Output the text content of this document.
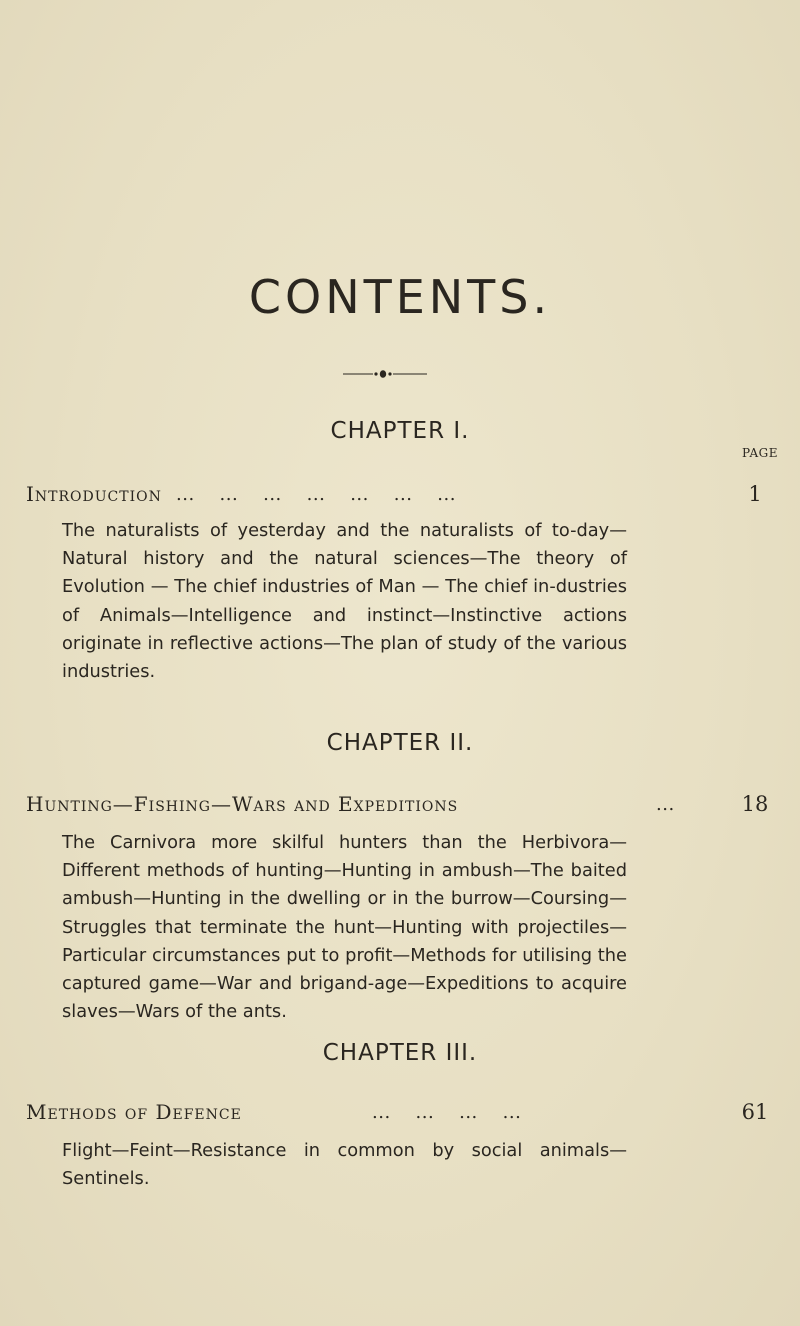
CONTENTS.
CHAPTER I.
PAGE
Introduction ...    ...    ...    ...    ...    ...    ...	1

The naturalists of yesterday and the naturalists of to-day—Natural history and the natural sciences—The theory of Evolution — The chief industries of Man — The chief in-dustries of Animals—Intelligence and instinct—Instinctive actions originate in reflective actions—The plan of study of the various industries.

CHAPTER II.
Hunting—Fishing—Wars and Expeditions	...	18

The Carnivora more skilful hunters than the Herbivora—Different methods of hunting—Hunting in ambush—The baited ambush—Hunting in the dwelling or in the burrow—Coursing—Struggles that terminate the hunt—Hunting with projectiles—Particular circumstances put to profit—Methods for utilising the captured game—War and brigand-age—Expeditions to acquire slaves—Wars of the ants.

CHAPTER III.
Methods of Defence	...    ...    ...    ...	61

Flight—Feint—Resistance in common by social animals—Sentinels.
